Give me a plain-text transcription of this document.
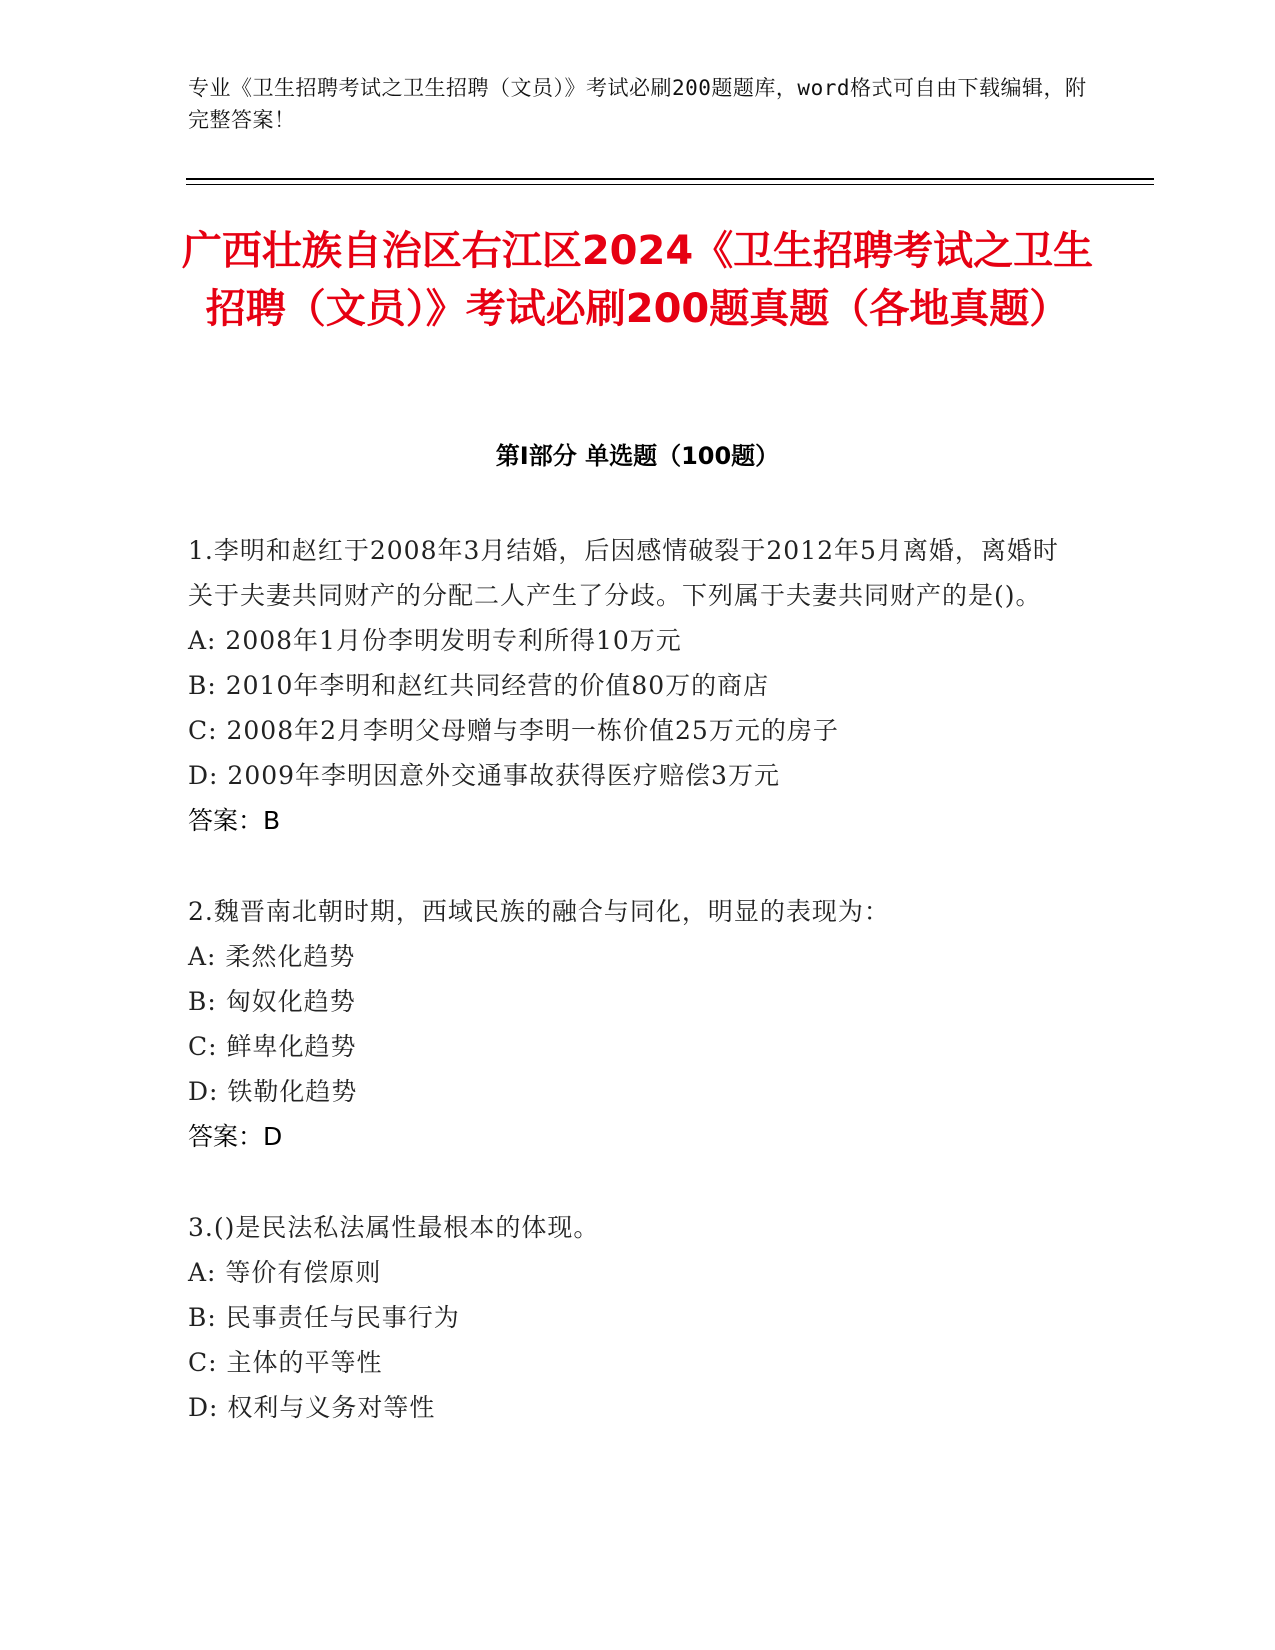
专业《卫生招聘考试之卫生招聘（文员）》考试必刷200题题库，word格式可自由下载编辑，附完整答案！
广西壮族自治区右江区2024《卫生招聘考试之卫生招聘（文员）》考试必刷200题真题（各地真题）
第I部分 单选题（100题）
1.李明和赵红于2008年3月结婚，后因感情破裂于2012年5月离婚，离婚时关于夫妻共同财产的分配二人产生了分歧。下列属于夫妻共同财产的是()。
A: 2008年1月份李明发明专利所得10万元
B: 2010年李明和赵红共同经营的价值80万的商店
C: 2008年2月李明父母赠与李明一栋价值25万元的房子
D: 2009年李明因意外交通事故获得医疗赔偿3万元
答案：B
2.魏晋南北朝时期，西域民族的融合与同化，明显的表现为：
A: 柔然化趋势
B: 匈奴化趋势
C: 鲜卑化趋势
D: 铁勒化趋势
答案：D
3.()是民法私法属性最根本的体现。
A: 等价有偿原则
B: 民事责任与民事行为
C: 主体的平等性
D: 权利与义务对等性
